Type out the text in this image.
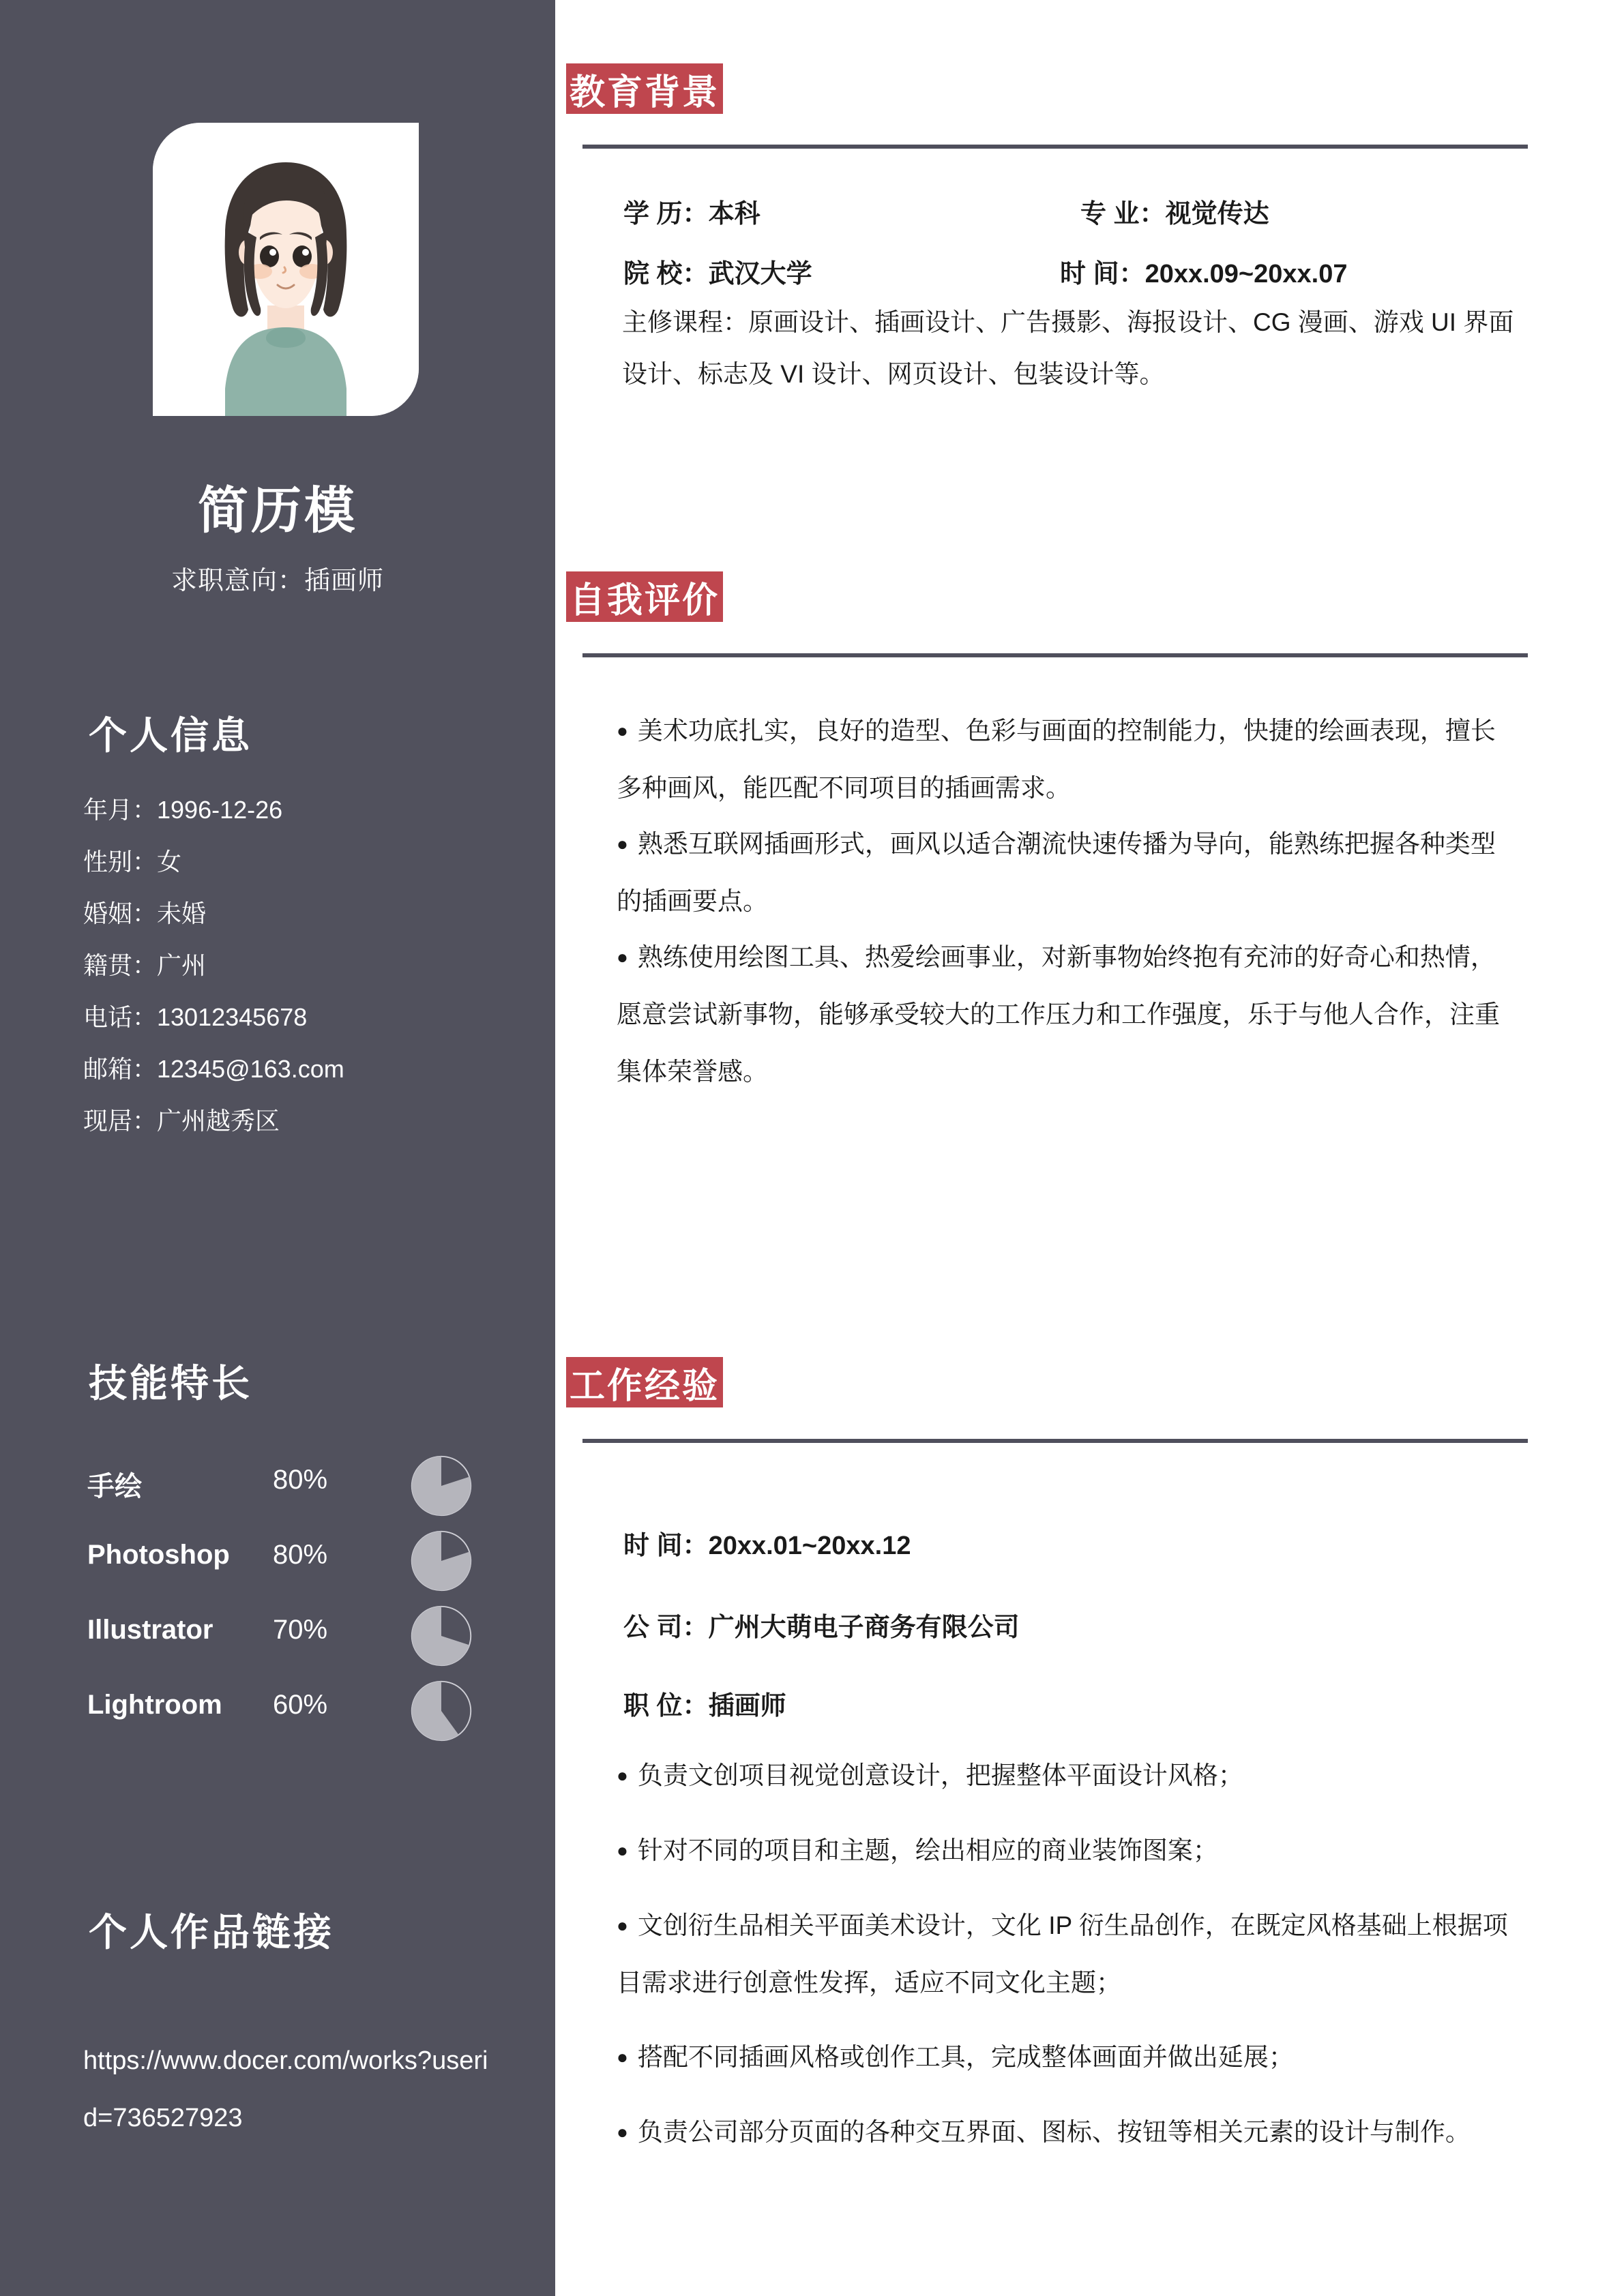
简历模
求职意向：插画师
个人信息
年月：1996-12-26
性别：女
婚姻：未婚
籍贯：广州
电话：13012345678
邮箱：12345@163.com
现居：广州越秀区
技能特长
手绘	80%
Photoshop 80%
Illustrator 70%
Lightroom 60%
个人作品链接
https://www.docer.com/works?userid=736527923
教育背景
学 历：本科	专 业：视觉传达
院 校：武汉大学	时 间：20xx.09~20xx.07
主修课程：原画设计、插画设计、广告摄影、海报设计、CG 漫画、游戏 UI 界面设计、标志及 VI 设计、网页设计、包装设计等。
自我评价
● 美术功底扎实，良好的造型、色彩与画面的控制能力，快捷的绘画表现，擅长多种画风，能匹配不同项目的插画需求。
● 熟悉互联网插画形式，画风以适合潮流快速传播为导向，能熟练把握各种类型的插画要点。
● 熟练使用绘图工具、热爱绘画事业，对新事物始终抱有充沛的好奇心和热情，愿意尝试新事物，能够承受较大的工作压力和工作强度，乐于与他人合作，注重集体荣誉感。
工作经验
时 间：20xx.01~20xx.12
公 司：广州大萌电子商务有限公司
职 位：插画师
● 负责文创项目视觉创意设计，把握整体平面设计风格；
● 针对不同的项目和主题，绘出相应的商业装饰图案；
● 文创衍生品相关平面美术设计，文化 IP 衍生品创作，在既定风格基础上根据项目需求进行创意性发挥，适应不同文化主题；
● 搭配不同插画风格或创作工具，完成整体画面并做出延展；
● 负责公司部分页面的各种交互界面、图标、按钮等相关元素的设计与制作。
